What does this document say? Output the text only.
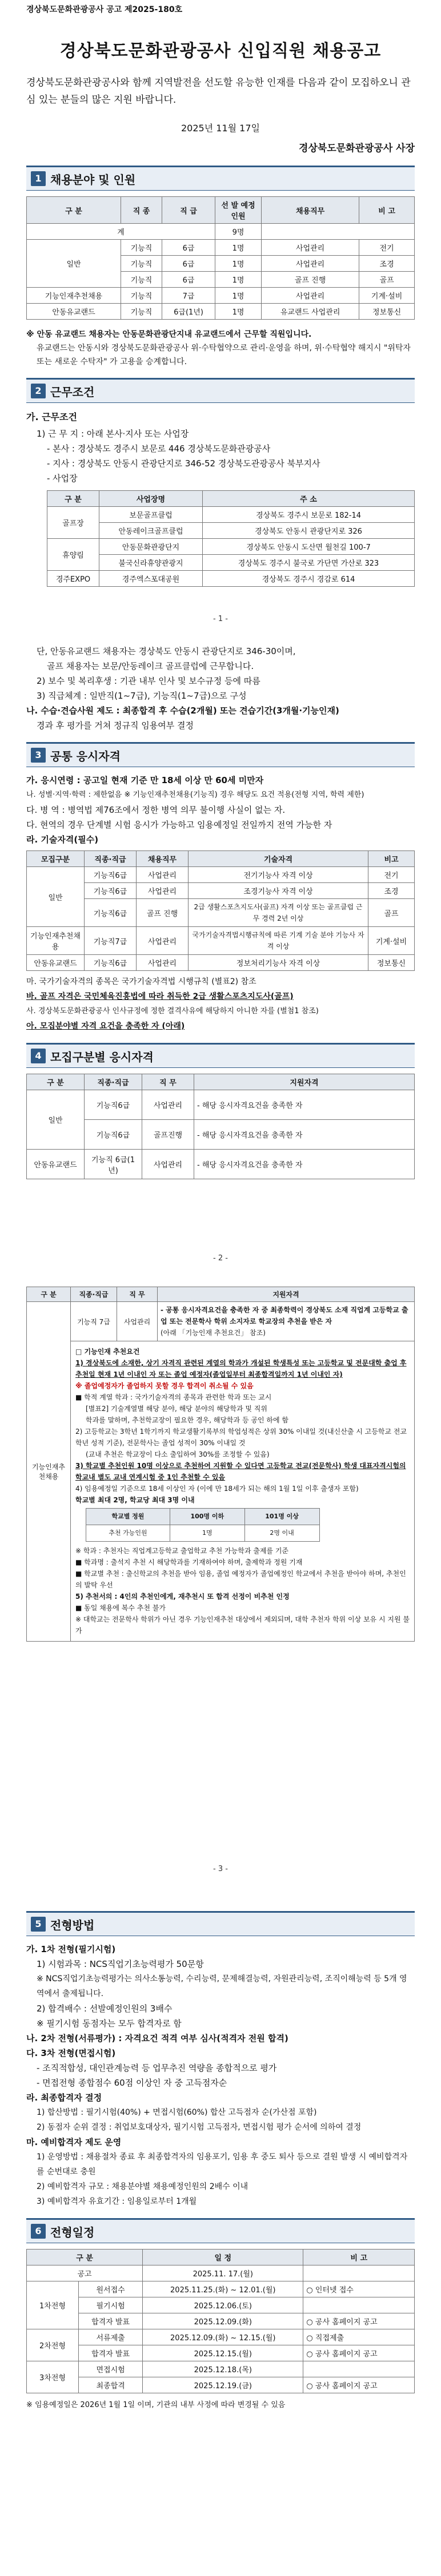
경상북도문화관광공사 공고 제2025-180호
경상북도문화관광공사 신입직원 채용공고

경상북도문화관광공사와 함께 지역발전을 선도할 유능한 인재를 다음과 같이 모집하오니 관심 있는 분들의 많은 지원 바랍니다.

2025년 11월 17일
경상북도문화관광공사 사장
1 채용분야 및 인원
구 분	직 종	직 급	선 발 예정인원	채용직무	비 고
계			9명		
일반	기능직	6급	1명	사업관리	전기
	기능직	6급	1명	사업관리	조경
	기능직	6급	1명	골프 진행	골프
기능인재추천채용	기능직	7급	1명	사업관리	기계·설비
안동유교랜드	기능직	6급(1년)	1명	유교랜드 사업관리	정보통신

※ 안동 유교랜드 채용자는 안동문화관광단지내 유교랜드에서 근무할 직원입니다.

유교랜드는 안동시와 경상북도문화관광공사 위·수탁협약으로 관리·운영을 하며, 위·수탁협약 해지시 "위탁자 또는 새로운 수탁자" 가 고용을 승계합니다.

2 근무조건
가. 근무조건

1) 근 무 지 : 아래 본사·지사 또는 사업장

- 본사 : 경상북도 경주시 보문로 446 경상북도문화관광공사

- 지사 : 경상북도 안동시 관광단지로 346-52 경상북도관광공사 북부지사

- 사업장

구 분	사업장명	주 소
골프장	보문골프클럽	경상북도 경주시 보문로 182-14
	안동레이크골프클럽	경상북도 안동시 관광단지로 326
휴양림	안동문화관광단지	경상북도 안동시 도산면 월천길 100-7
	불국신라휴양관광지	경상북도 경주시 불국로 가단면 가산로 323
경주EXPO	경주엑스포대공원	경상북도 경주시 경감로 614
- 1 -

단, 안동유교랜드 채용자는 경상북도 안동시 관광단지로 346-30이며,

골프 채용자는 보문/안동레이크 골프클럽에 근무합니다.

2) 보수 및 복리후생 : 기관 내부 인사 및 보수규정 등에 따름

3) 직급체계 : 일반직(1~7급), 기능직(1~7급)으로 구성

나. 수습·견습사원 제도 : 최종합격 후 수습(2개월) 또는 견습기간(3개월·기능인재)

경과 후 평가를 거쳐 정규직 임용여부 결정

3 공통 응시자격

가. 응시연령 : 공고일 현재 기준 만 18세 이상 만 60세 미만자

나. 성별·지역·학력 : 제한없음 ※ 기능인재추천채용(기능직) 경우 해당도 요건 적용(전형 지역, 학력 제한)

다. 병 역 : 병역법 제76조에서 정한 병역 의무 불이행 사실이 없는 자.

다. 현역의 경우 단계별 시험 응시가 가능하고 임용예정일 전일까지 전역 가능한 자

라. 기술자격(필수)

모집구분	직종·직급	채용직무	기술자격	비고
일반	기능직6급	사업관리	전기기능사 자격 이상	전기
	기능직6급	사업관리	조경기능사 자격 이상	조경
	기능직6급	골프 진행	2급 생활스포츠지도사(골프) 자격 이상 또는 골프클럽 근무 경력 2년 이상	골프
기능인재추천채용	기능직7급	사업관리	국가기술자격법시행규칙에 따른 기계 기술 분야 기능사 자격 이상	기계·설비
안동유교랜드	기능직6급	사업관리	정보처리기능사 자격 이상	정보통신

마. 국가기술자격의 종목은 국가기술자격법 시행규칙 (별표2) 참조

바. 골프 자격은 국민체육진흥법에 따라 취득한 2급 생활스포츠지도사(골프)

사. 경상북도문화관광공사 인사규정에 정한 결격사유에 해당하지 아니한 자를 (별첨1 참조)

아. 모집분야별 자격 요건을 충족한 자 (아래)

4 모집구분별 응시자격
구 분	직종·직급	직 무	지원자격
일반	기능직6급	사업관리	- 해당 응시자격요건을 충족한 자
	기능직6급	골프진행	- 해당 응시자격요건을 충족한 자
안동유교랜드	기능직 6급(1년)	사업관리	- 해당 응시자격요건을 충족한 자
- 2 -
구 분	직종·직급	직 무	지원자격
기능인재추천채용	기능직 7급	사업관리	
- 공통 응시자격요건을 충족한 자 중 최종학력이 경상북도 소재 직업계 고등학교 출업 또는 전문학사 학위 소지자로 학교장의 추천을 받은 자
(아래 「기능인재 추천요건」 참조)

□ 기능인재 추천요건
1) 경상북도에 소재한, 상기 자격직 관련된 계열의 학과가 개설된 학생특성 또는 고등학교 및 전문대학 출업 후 추천일 현재 1년 이내인 자 또는 졸업 예정자(졸업일부터 최종합격일까지 1년 이내인 자)
※ 졸업예정자가 졸업하지 못할 경우 합격이 취소될 수 있음
■ 학적 계열 학과 : 국가기술자격의 종목과 관련한 학과 또는 교시
[별표2] 기술계열별 해당 분야, 해당 분야의 해당학과 및 직위
학과를 말하며, 추천학교장이 필요한 경우, 해당학과 등 공인 하에 함
2) 고등학교는 3학년 1학기까지 학교생활기록부의 학업성적은 상위 30% 이내일 것(내신산출 시 고등학교 전교 학년 성적 기준), 전문학사는 졸업 성적이 30% 이내일 것
(교내 추천은 학교장이 다소 출입하여 30%를 조정할 수 있음)
3) 학교별 추천인원 10명 이상으로 추천하여 지원할 수 있다면 고등학교 전교(전문학사) 학생 대표자격시험의 학교내 별도 교내 연계시험 중 1인 추천할 수 있음
4) 임용예정일 기준으로 18세 이상인 자 (이에 만 18세가 되는 해의 1월 1일 이후 출생자 포함)
학교별 최대 2명, 학교당 최대 3명 이내
학교별 정원	100명 이하	101명 이상
추천 가능인원	1명	2명 이내
※ 학과 : 추천자는 직업계고등학교 출업학교 추천 가능학과 출제를 기준
■ 학과명 : 출석지 추천 시 해당학과를 기재하여야 하며, 출제학과 정원 기재
■ 학교별 추천 : 출신학교의 추천을 받아 임용, 졸업 예정자가 졸업예정인 학교에서 추천을 받아야 하며, 추천인의 발탁 우선
5) 추천서의 : 4인의 추천인에게, 재추천시 또 합격 선정이 비추천 인정
■ 동일 채용에 복수 추천 불가
※ 대학교는 전문학사 학위가 아닌 경우 기능인재추천 대상에서 제외되며, 대학 추천자 학위 이상 보유 시 지원 불가
- 3 -
5 전형방법

가. 1차 전형(필기시험)

1) 시험과목 : NCS직업기초능력평가 50문항

※ NCS직업기초능력평가는 의사소통능력, 수리능력, 문제해결능력, 자원관리능력, 조직이해능력 등 5개 영역에서 출제됩니다.

2) 합격배수 : 선발예정인원의 3배수

※ 필기시험 동점자는 모두 합격자로 함

나. 2차 전형(서류평가) : 자격요건 적격 여부 심사(적격자 전원 합격)

다. 3차 전형(면접시험)

- 조직적합성, 대인관계능력 등 업무추진 역량을 종합적으로 평가

- 면접전형 종합점수 60점 이상인 자 중 고득점자순

라. 최종합격자 결정

1) 합산방법 : 필기시험(40%) + 면접시험(60%) 합산 고득점자 순(가산점 포함)

2) 동점자 순위 결정 : 취업보호대상자, 필기시험 고득점자, 면접시험 평가 순서에 의하여 결정

마. 예비합격자 제도 운영

1) 운영방법 : 채용절차 종료 후 최종합격자의 임용포기, 임용 후 중도 퇴사 등으로 결원 발생 시 예비합격자를 순번대로 충원

2) 예비합격자 규모 : 채용분야별 채용예정인원의 2배수 이내

3) 예비합격자 유효기간 : 임용일로부터 1개월

6 전형일정
구 분		일 정	비 고
공고		2025.11. 17.(월)	
1차전형	원서접수	2025.11.25.(화) ~ 12.01.(월)	○ 인터넷 접수
	필기시험	2025.12.06.(토)	
	합격자 발표	2025.12.09.(화)	○ 공사 홈페이지 공고
2차전형	서류제출	2025.12.09.(화) ~ 12.15.(월)	○ 직접제출
	합격자 발표	2025.12.15.(월)	○ 공사 홈페이지 공고
3차전형	면접시험	2025.12.18.(목)	
	최종합격	2025.12.19.(금)	○ 공사 홈페이지 공고

※ 임용예정일은 2026년 1월 1일 이며, 기관의 내부 사정에 따라 변경될 수 있음
